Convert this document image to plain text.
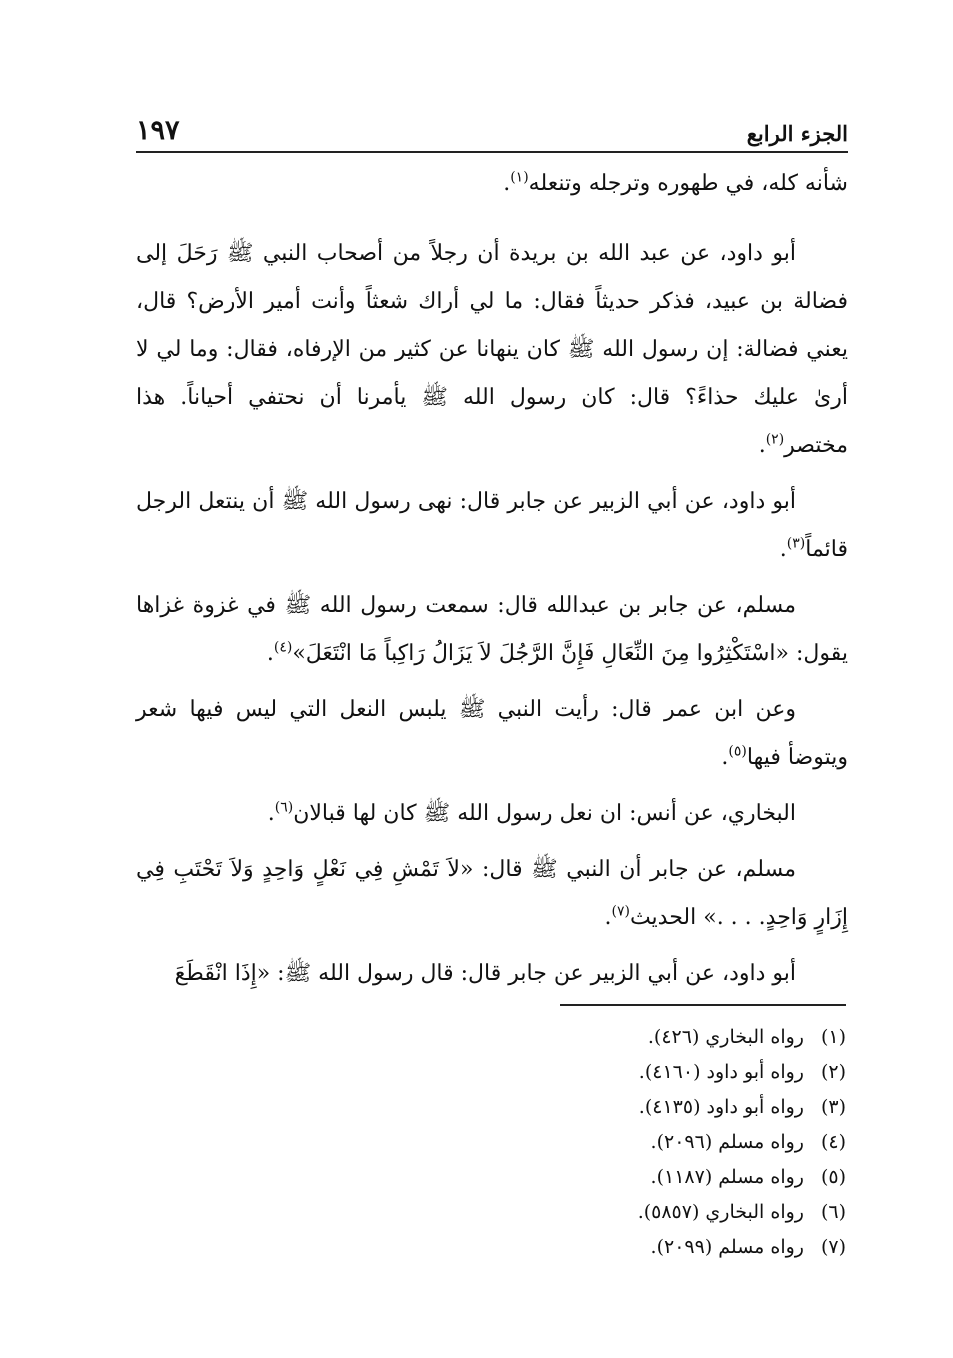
الجزء الرابع
١٩٧

شأنه كله، في طهوره وترجله وتنعله$^{(١)}$.

أبو داود، عن عبد الله بن بريدة أن رجلاً من أصحاب النبي ﷺ رَحَلَ إلى فضالة بن عبيد، فذكر حديثاً فقال: ما لي أراك شعثاً وأنت أمير الأرض؟ قال، يعني فضالة: إن رسول الله ﷺ كان ينهانا عن كثير من الإرفاه، فقال: وما لي لا أرىٰ عليك حذاءً؟ قال: كان رسول الله ﷺ يأمرنا أن نحتفي أحياناً. هذا مختصر$^{(٢)}$.

أبو داود، عن أبي الزبير عن جابر قال: نهى رسول الله ﷺ أن ينتعل الرجل قائماً$^{(٣)}$.

مسلم، عن جابر بن عبدالله قال: سمعت رسول الله ﷺ في غزوة غزاها يقول: «اسْتَكْثِرُوا مِنَ النِّعَالِ فَإِنَّ الرَّجُلَ لاَ يَزَالُ رَاكِباً مَا انْتَعَلَ»$^{(٤)}$.

وعن ابن عمر قال: رأيت النبي ﷺ يلبس النعل التي ليس فيها شعر ويتوضأ فيها$^{(٥)}$.

البخاري، عن أنس: ان نعل رسول الله ﷺ كان لها قبالان$^{(٦)}$.

مسلم، عن جابر أن النبي ﷺ قال: «لاَ تَمْشِ فِي نَعْلٍ وَاحِدٍ وَلاَ تَحْتَبِ فِي إِزَارٍ وَاحِدٍ. . . .» الحديث$^{(٧)}$.

أبو داود، عن أبي الزبير عن جابر قال: قال رسول الله ﷺ: «إِذَا انْقَطَعَ

(١) رواه البخاري (٤٢٦).
(٢) رواه أبو داود (٤١٦٠).
(٣) رواه أبو داود (٤١٣٥).
(٤) رواه مسلم (٢٠٩٦).
(٥) رواه مسلم (١١٨٧).
(٦) رواه البخاري (٥٨٥٧).
(٧) رواه مسلم (٢٠٩٩).
